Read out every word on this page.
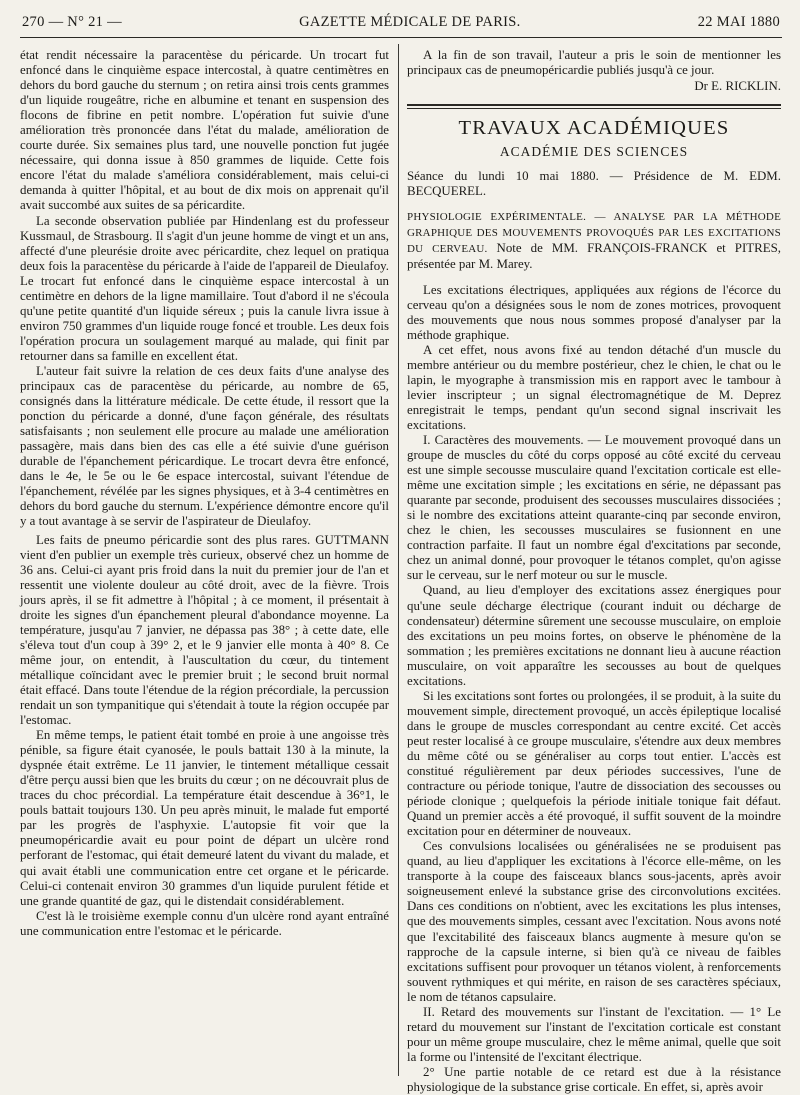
270 — N° 21 —	GAZETTE MÉDICALE DE PARIS.	22 MAI 1880

état rendit nécessaire la paracentèse du péricarde. Un trocart fut enfoncé dans le cinquième espace intercostal, à quatre centimètres en dehors du bord gauche du sternum ; on retira ainsi trois cents grammes d'un liquide rougeâtre, riche en albumine et tenant en suspension des flocons de fibrine en petit nombre. L'opération fut suivie d'une amélioration très prononcée dans l'état du malade, amélioration de courte durée. Six semaines plus tard, une nouvelle ponction fut jugée nécessaire, qui donna issue à 850 grammes de liquide. Cette fois encore l'état du malade s'améliora considérablement, mais celui-ci demanda à quitter l'hôpital, et au bout de dix mois on apprenait qu'il avait succombé aux suites de sa péricardite.

La seconde observation publiée par Hindenlang est du professeur Kussmaul, de Strasbourg. Il s'agit d'un jeune homme de vingt et un ans, affecté d'une pleurésie droite avec péricardite, chez lequel on pratiqua deux fois la paracentèse du péricarde à l'aide de l'appareil de Dieulafoy. Le trocart fut enfoncé dans le cinquième espace intercostal à un centimètre en dehors de la ligne mamillaire. Tout d'abord il ne s'écoula qu'une petite quantité d'un liquide séreux ; puis la canule livra issue à environ 750 grammes d'un liquide rouge foncé et trouble. Les deux fois l'opération procura un soulagement marqué au malade, qui finit par retourner dans sa famille en excellent état.

L'auteur fait suivre la relation de ces deux faits d'une analyse des principaux cas de paracentèse du péricarde, au nombre de 65, consignés dans la littérature médicale. De cette étude, il ressort que la ponction du péricarde a donné, d'une façon générale, des résultats satisfaisants ; non seulement elle procure au malade une amélioration passagère, mais dans bien des cas elle a été suivie d'une guérison durable de l'épanchement péricardique. Le trocart devra être enfoncé, dans le 4e, le 5e ou le 6e espace intercostal, suivant l'étendue de l'épanchement, révélée par les signes physiques, et à 3-4 centimètres en dehors du bord gauche du sternum. L'expérience démontre encore qu'il y a tout avantage à se servir de l'aspirateur de Dieulafoy.

Les faits de pneumo péricardie sont des plus rares. GUTTMANN vient d'en publier un exemple très curieux, observé chez un homme de 36 ans. Celui-ci ayant pris froid dans la nuit du premier jour de l'an et ressentit une violente douleur au côté droit, avec de la fièvre. Trois jours après, il se fit admettre à l'hôpital ; à ce moment, il présentait à droite les signes d'un épanchement pleural d'abondance moyenne. La température, jusqu'au 7 janvier, ne dépassa pas 38° ; à cette date, elle s'éleva tout d'un coup à 39° 2, et le 9 janvier elle monta à 40° 8. Ce même jour, on entendit, à l'auscultation du cœur, du tintement métallique coïncidant avec le premier bruit ; le second bruit normal était effacé. Dans toute l'étendue de la région précordiale, la percussion rendait un son tympanitique qui s'étendait à toute la région occupée par l'estomac.

En même temps, le patient était tombé en proie à une angoisse très pénible, sa figure était cyanosée, le pouls battait 130 à la minute, la dyspnée était extrême. Le 11 janvier, le tintement métallique cessait d'être perçu aussi bien que les bruits du cœur ; on ne découvrait plus de traces du choc précordial. La température était descendue à 36°1, le pouls battait toujours 130. Un peu après minuit, le malade fut emporté par les progrès de l'asphyxie. L'autopsie fit voir que la pneumopéricardie avait eu pour point de départ un ulcère rond perforant de l'estomac, qui était demeuré latent du vivant du malade, et qui avait établi une communication entre cet organe et le péricarde. Celui-ci contenait environ 30 grammes d'un liquide purulent fétide et une grande quantité de gaz, qui le distendait considérablement.

C'est là le troisième exemple connu d'un ulcère rond ayant entraîné une communication entre l'estomac et le péricarde.

A la fin de son travail, l'auteur a pris le soin de mentionner les principaux cas de pneumopéricardie publiés jusqu'à ce jour.

Dr E. RICKLIN.

TRAVAUX ACADÉMIQUES
ACADÉMIE DES SCIENCES

Séance du lundi 10 mai 1880. — Présidence de M. EDM. BECQUEREL.

PHYSIOLOGIE EXPÉRIMENTALE. — ANALYSE PAR LA MÉTHODE GRAPHIQUE DES MOUVEMENTS PROVOQUÉS PAR LES EXCITATIONS DU CERVEAU. Note de MM. FRANÇOIS-FRANCK et PITRES, présentée par M. Marey.

Les excitations électriques, appliquées aux régions de l'écorce du cerveau qu'on a désignées sous le nom de zones motrices, provoquent des mouvements que nous nous sommes proposé d'analyser par la méthode graphique.

A cet effet, nous avons fixé au tendon détaché d'un muscle du membre antérieur ou du membre postérieur, chez le chien, le chat ou le lapin, le myographe à transmission mis en rapport avec le tambour à levier inscripteur ; un signal électromagnétique de M. Deprez enregistrait le temps, pendant qu'un second signal inscrivait les excitations.

I. Caractères des mouvements. — Le mouvement provoqué dans un groupe de muscles du côté du corps opposé au côté excité du cerveau est une simple secousse musculaire quand l'excitation corticale est elle-même une excitation simple ; les excitations en série, ne dépassant pas quarante par seconde, produisent des secousses musculaires dissociées ; si le nombre des excitations atteint quarante-cinq par seconde environ, chez le chien, les secousses musculaires se fusionnent en une contraction parfaite. Il faut un nombre égal d'excitations par seconde, chez un animal donné, pour provoquer le tétanos complet, qu'on agisse sur le cerveau, sur le nerf moteur ou sur le muscle.

Quand, au lieu d'employer des excitations assez énergiques pour qu'une seule décharge électrique (courant induit ou décharge de condensateur) détermine sûrement une secousse musculaire, on emploie des excitations un peu moins fortes, on observe le phénomène de la sommation ; les premières excitations ne donnant lieu à aucune réaction musculaire, on voit apparaître les secousses au bout de quelques excitations.

Si les excitations sont fortes ou prolongées, il se produit, à la suite du mouvement simple, directement provoqué, un accès épileptique localisé dans le groupe de muscles correspondant au centre excité. Cet accès peut rester localisé à ce groupe musculaire, s'étendre aux deux membres du même côté ou se généraliser au corps tout entier. L'accès est constitué régulièrement par deux périodes successives, l'une de contracture ou période tonique, l'autre de dissociation des secousses ou période clonique ; quelquefois la période initiale tonique fait défaut. Quand un premier accès a été provoqué, il suffit souvent de la moindre excitation pour en déterminer de nouveaux.

Ces convulsions localisées ou généralisées ne se produisent pas quand, au lieu d'appliquer les excitations à l'écorce elle-même, on les transporte à la coupe des faisceaux blancs sous-jacents, après avoir soigneusement enlevé la substance grise des circonvolutions excitées. Dans ces conditions on n'obtient, avec les excitations les plus intenses, que des mouvements simples, cessant avec l'excitation. Nous avons noté que l'excitabilité des faisceaux blancs augmente à mesure qu'on se rapproche de la capsule interne, si bien qu'à ce niveau de faibles excitations suffisent pour provoquer un tétanos violent, à renforcements souvent rythmiques et qui mérite, en raison de ses caractères spéciaux, le nom de tétanos capsulaire.

II. Retard des mouvements sur l'instant de l'excitation. — 1° Le retard du mouvement sur l'instant de l'excitation corticale est constant pour un même groupe musculaire, chez le même animal, quelle que soit la forme ou l'intensité de l'excitant électrique.

2° Une partie notable de ce retard est due à la résistance physiologique de la substance grise corticale. En effet, si, après avoir
